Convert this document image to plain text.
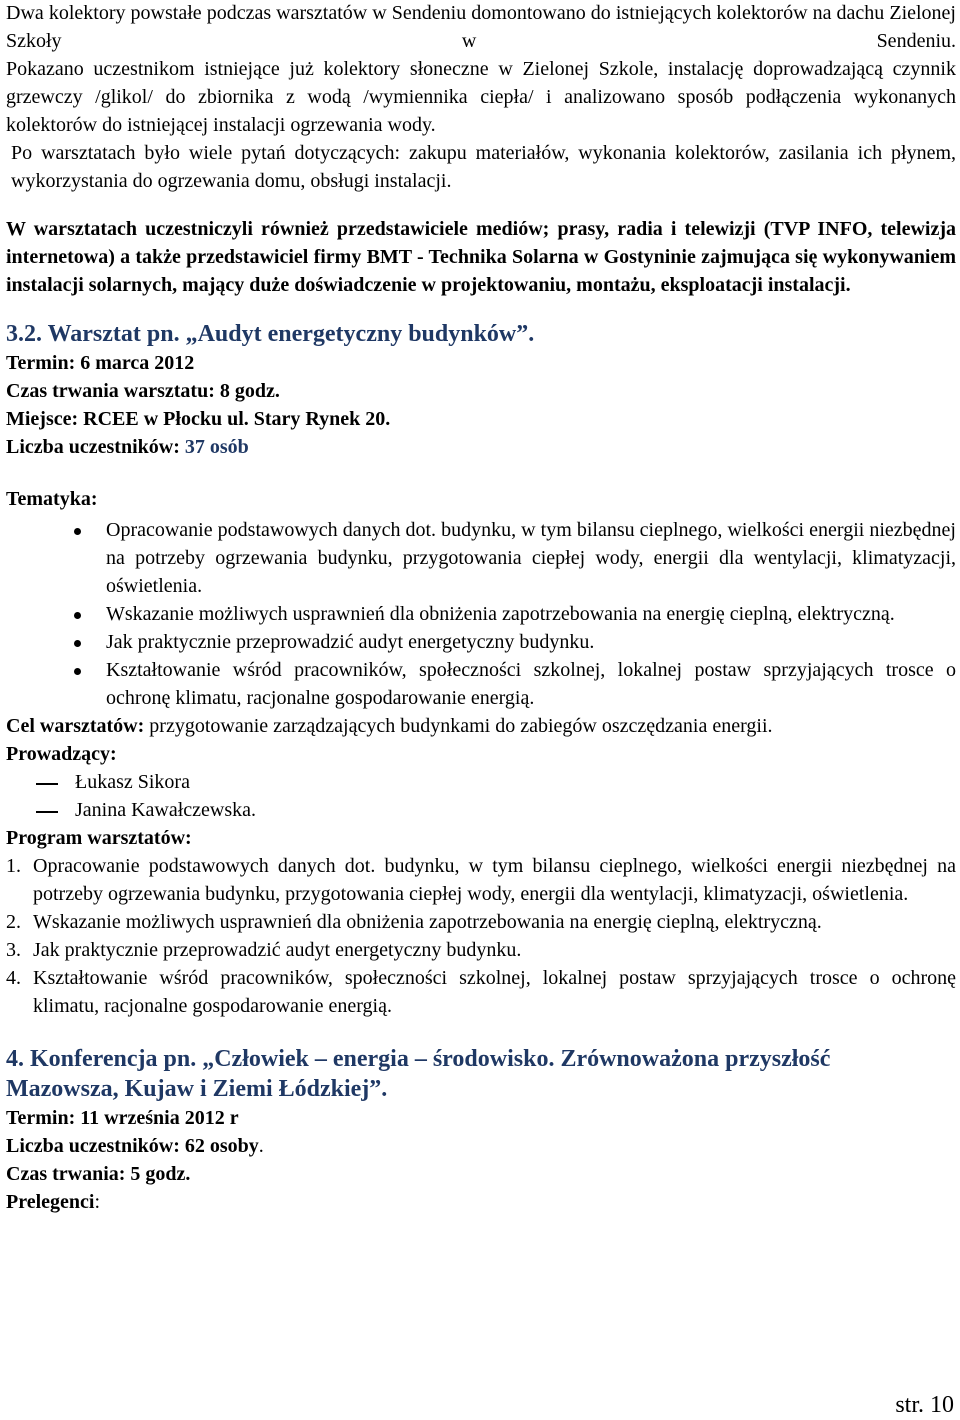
Dwa kolektory powstałe podczas warsztatów w Sendeniu domontowano do istniejących kolektorów na dachu Zielonej Szkoły w Sendeniu.

Pokazano uczestnikom istniejące już kolektory słoneczne w Zielonej Szkole, instalację doprowadzającą czynnik grzewczy /glikol/ do zbiornika z wodą /wymiennika ciepła/ i analizowano sposób podłączenia wykonanych kolektorów do istniejącej instalacji ogrzewania wody.

Po warsztatach było wiele pytań dotyczących: zakupu materiałów, wykonania kolektorów, zasilania ich płynem, wykorzystania do ogrzewania domu, obsługi instalacji.

W warsztatach uczestniczyli również przedstawiciele mediów; prasy, radia i telewizji (TVP INFO, telewizja internetowa) a także przedstawiciel firmy BMT - Technika Solarna w Gostyninie zajmująca się wykonywaniem instalacji solarnych, mający duże doświadczenie w projektowaniu, montażu, eksploatacji instalacji.

3.2. Warsztat pn. „Audyt energetyczny budynków”.

Termin: 6 marca 2012

Czas trwania warsztatu: 8 godz.

Miejsce: RCEE w Płocku ul. Stary Rynek 20.

Liczba uczestników: 37 osób

Tematyka:

Opracowanie podstawowych danych dot. budynku, w tym bilansu cieplnego, wielkości energii niezbędnej na potrzeby ogrzewania budynku, przygotowania ciepłej wody, energii dla wentylacji, klimatyzacji, oświetlenia.
Wskazanie możliwych usprawnień dla obniżenia zapotrzebowania na energię cieplną, elektryczną.
Jak praktycznie przeprowadzić audyt energetyczny budynku.
Kształtowanie wśród pracowników, społeczności szkolnej, lokalnej postaw sprzyjających trosce o ochronę klimatu, racjonalne gospodarowanie energią.

Cel warsztatów: przygotowanie zarządzających budynkami do zabiegów oszczędzania energii.

Prowadzący:

Łukasz Sikora
Janina Kawałczewska.

Program warsztatów:

1. Opracowanie podstawowych danych dot. budynku, w tym bilansu cieplnego, wielkości energii niezbędnej na potrzeby ogrzewania budynku, przygotowania ciepłej wody, energii dla wentylacji, klimatyzacji, oświetlenia.
2. Wskazanie możliwych usprawnień dla obniżenia zapotrzebowania na energię cieplną, elektryczną.
3. Jak praktycznie przeprowadzić audyt energetyczny budynku.
4. Kształtowanie wśród pracowników, społeczności szkolnej, lokalnej postaw sprzyjających trosce o ochronę klimatu, racjonalne gospodarowanie energią.

4. Konferencja pn. „Człowiek – energia – środowisko. Zrównoważona przyszłość Mazowsza, Kujaw i Ziemi Łódzkiej”.

Termin: 11 września 2012 r

Liczba uczestników: 62 osoby.

Czas trwania: 5 godz.

Prelegenci:

str. 10
